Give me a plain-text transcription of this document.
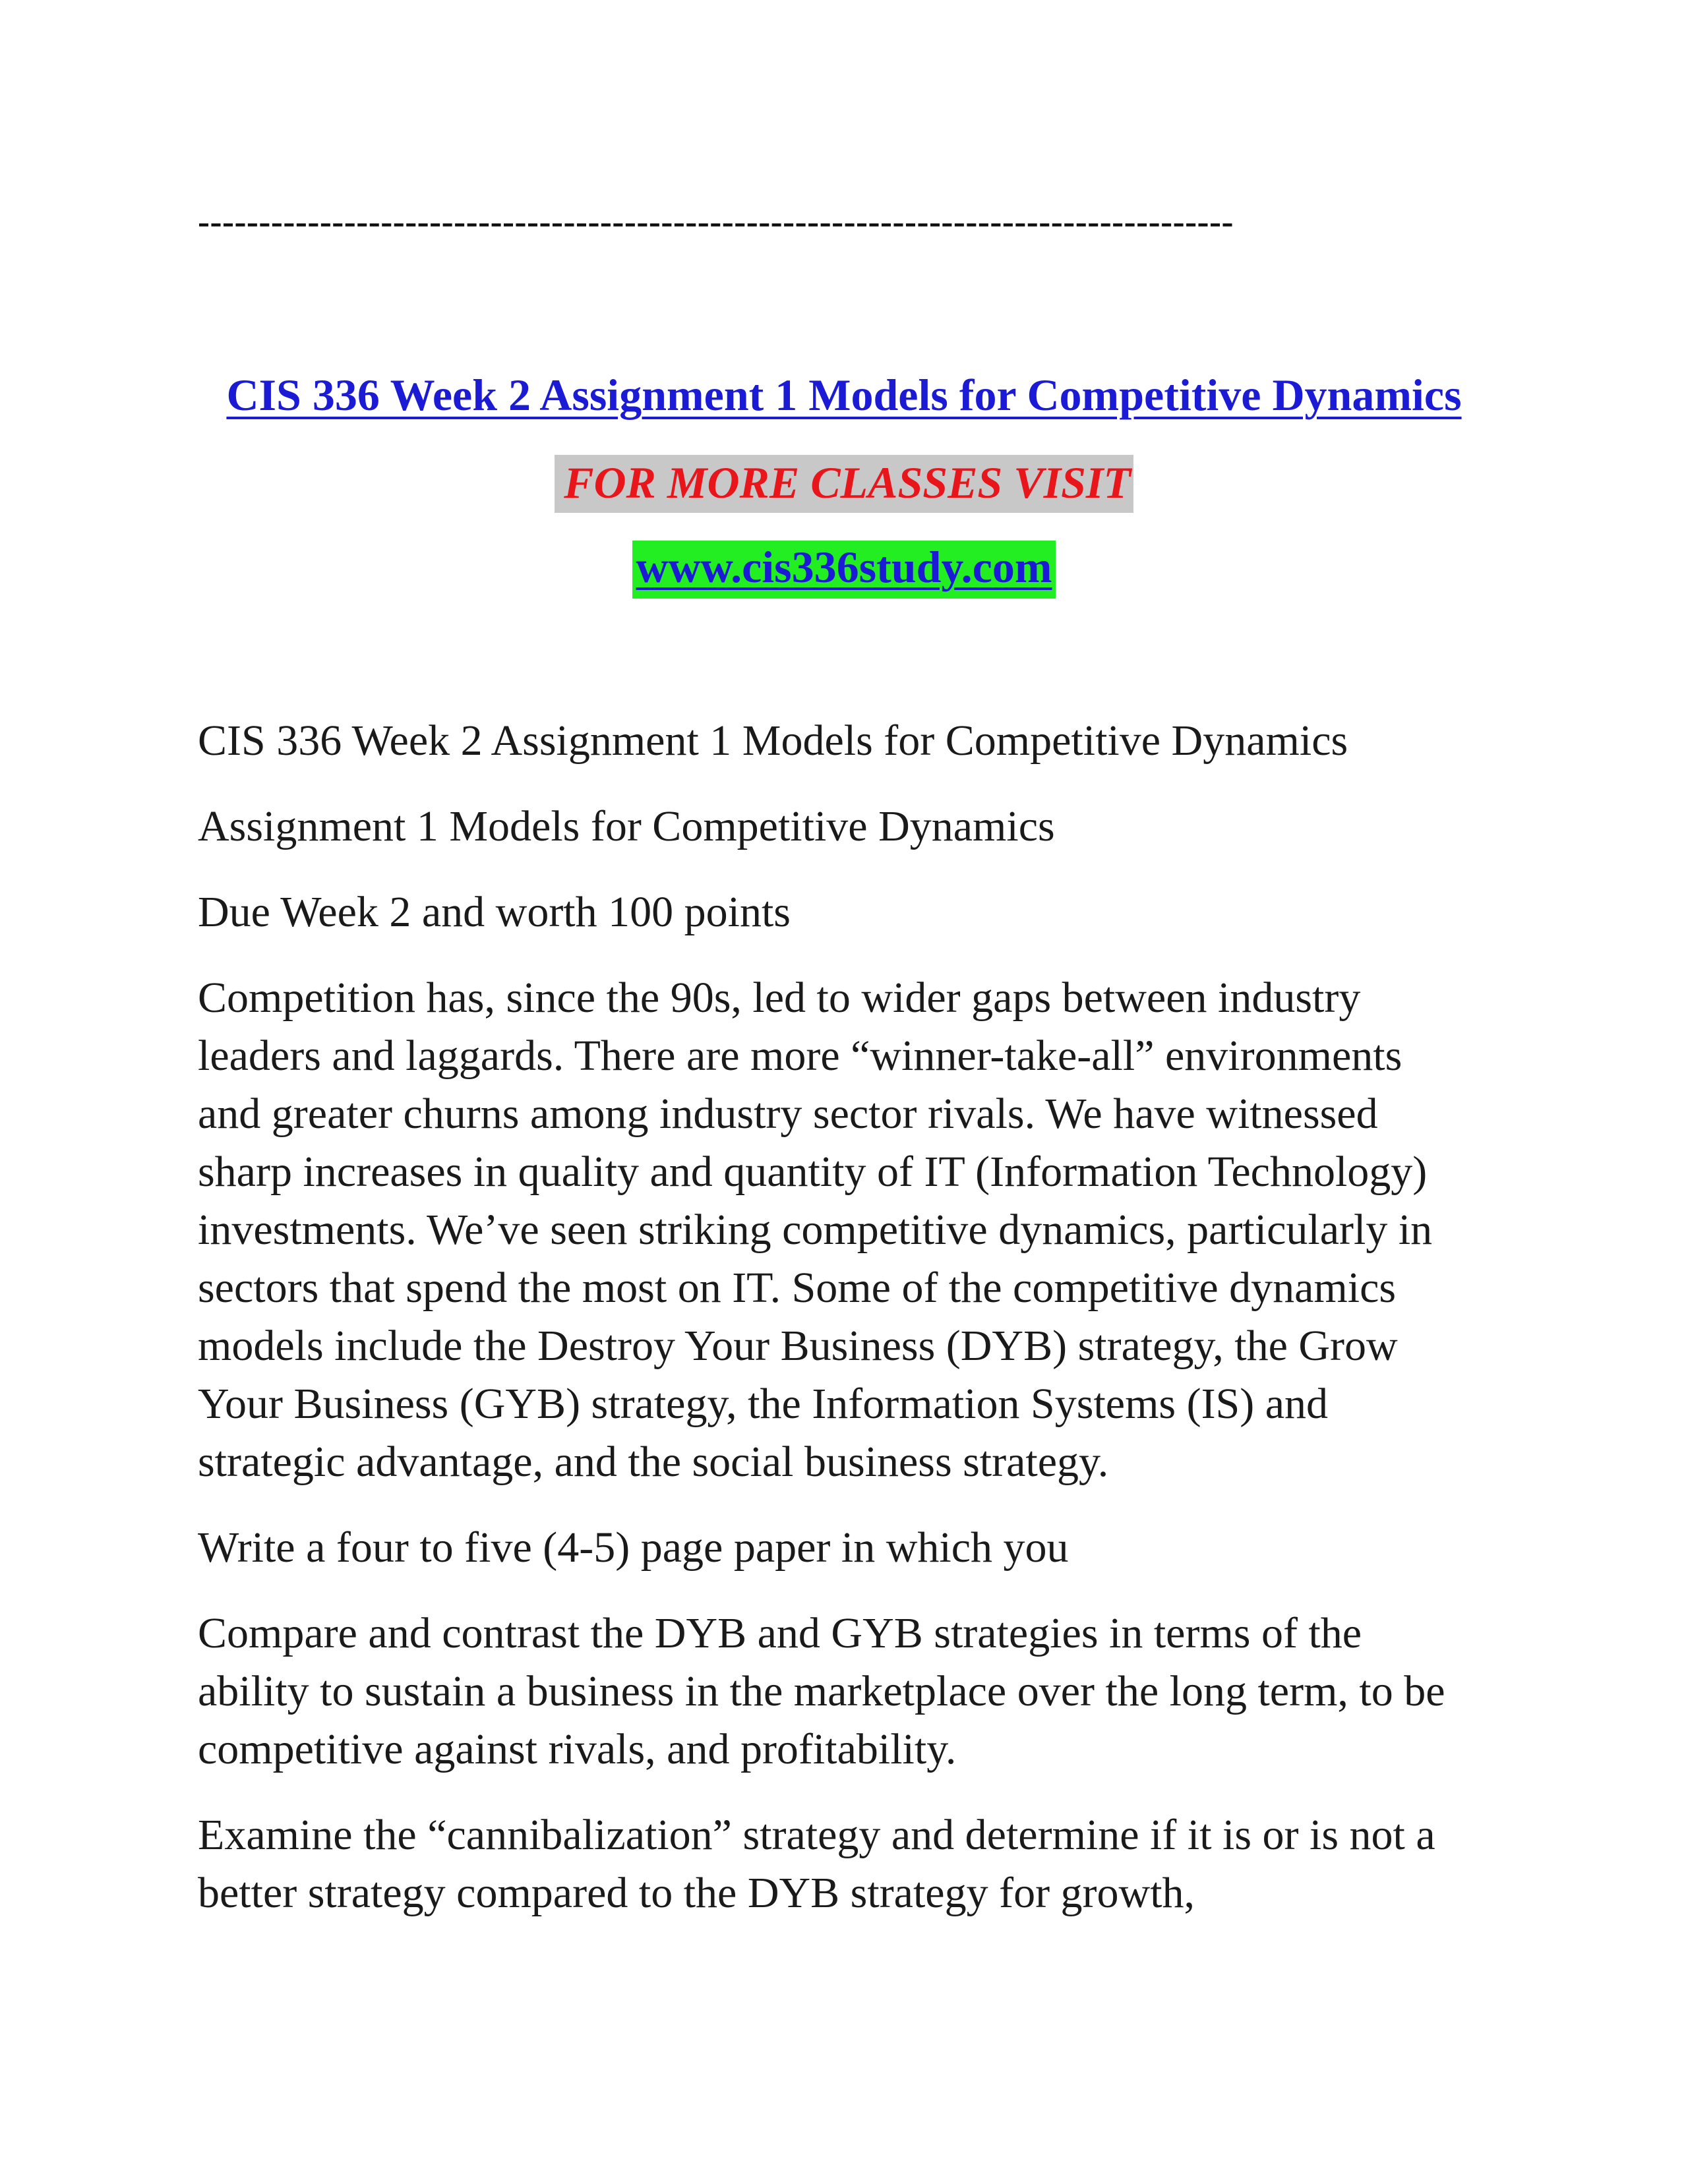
-------------------------------------------------------------------------------------
CIS 336 Week 2 Assignment 1 Models for Competitive Dynamics
FOR MORE CLASSES VISIT
www.cis336study.com

CIS 336 Week 2 Assignment 1 Models for Competitive Dynamics

Assignment 1 Models for Competitive Dynamics

Due Week 2 and worth 100 points

Competition has, since the 90s, led to wider gaps between industry
leaders and laggards. There are more “winner-take-all” environments
and greater churns among industry sector rivals. We have witnessed
sharp increases in quality and quantity of IT (Information Technology)
investments. We’ve seen striking competitive dynamics, particularly in
sectors that spend the most on IT. Some of the competitive dynamics
models include the Destroy Your Business (DYB) strategy, the Grow
Your Business (GYB) strategy, the Information Systems (IS) and
strategic advantage, and the social business strategy.

Write a four to five (4-5) page paper in which you

Compare and contrast the DYB and GYB strategies in terms of the
ability to sustain a business in the marketplace over the long term, to be
competitive against rivals, and profitability.

Examine the “cannibalization” strategy and determine if it is or is not a
better strategy compared to the DYB strategy for growth,
